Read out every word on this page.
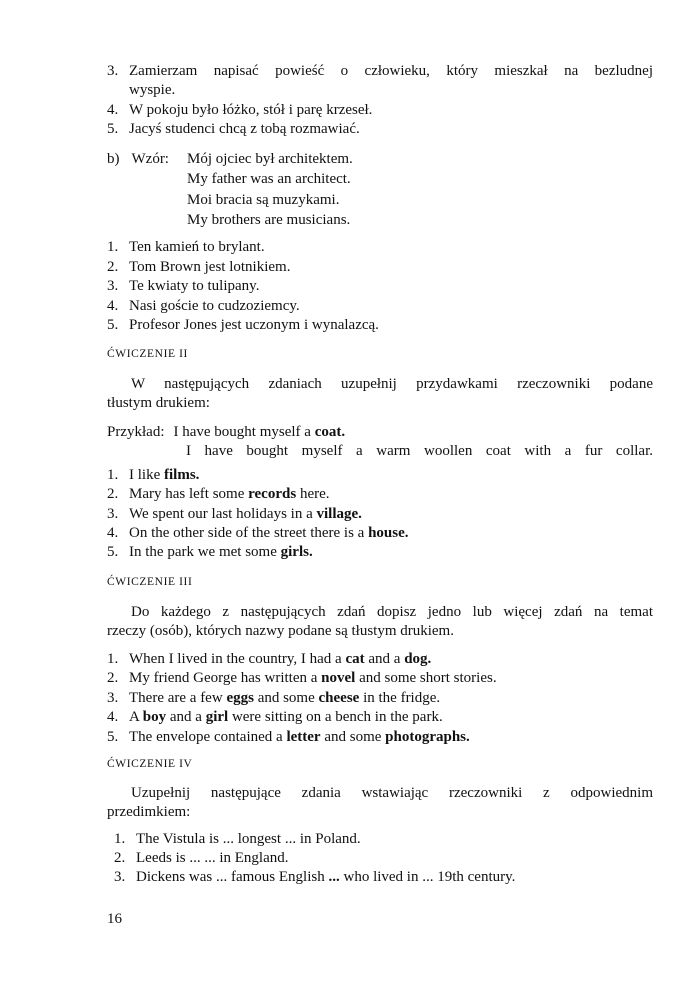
3. Zamierzam napisać powieść o człowieku, który mieszkał na bezludnej
wyspie.
4. W pokoju było łóżko, stół i parę krzeseł.
5. Jacyś studenci chcą z tobą rozmawiać.
b) Wzór: Mój ojciec był architektem.
My father was an architect.
Moi bracia są muzykami.
My brothers are musicians.
1. Ten kamień to brylant.
2. Tom Brown jest lotnikiem.
3. Te kwiaty to tulipany.
4. Nasi goście to cudzoziemcy.
5. Profesor Jones jest uczonym i wynalazcą.
ĆWICZENIE II
W następujących zdaniach uzupełnij przydawkami rzeczowniki podane
tłustym drukiem:
Przykład: I have bought myself a coat.
I have bought myself a warm woollen coat with a fur collar.
1. I like films.
2. Mary has left some records here.
3. We spent our last holidays in a village.
4. On the other side of the street there is a house.
5. In the park we met some girls.
ĆWICZENIE III
Do każdego z następujących zdań dopisz jedno lub więcej zdań na temat
rzeczy (osób), których nazwy podane są tłustym drukiem.
1. When I lived in the country, I had a cat and a dog.
2. My friend George has written a novel and some short stories.
3. There are a few eggs and some cheese in the fridge.
4. A boy and a girl were sitting on a bench in the park.
5. The envelope contained a letter and some photographs.
ĆWICZENIE IV
Uzupełnij następujące zdania wstawiając rzeczowniki z odpowiednim
przedimkiem:
1. The Vistula is ... longest ... in Poland.
2. Leeds is ... ... in England.
3. Dickens was ... famous English ... who lived in ... 19th century.
16
